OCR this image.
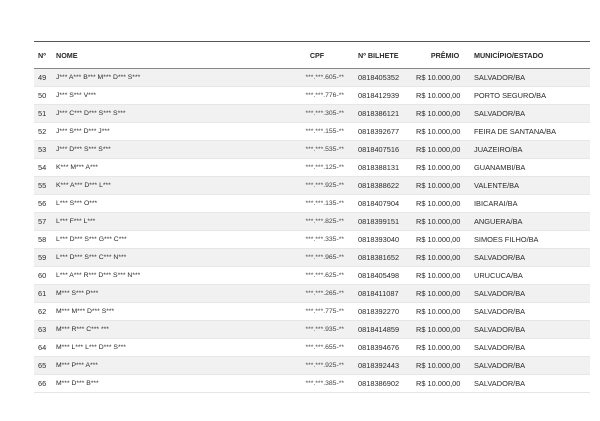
Nº	NOME	CPF	Nº BILHETE	PRÊMIO	MUNICÍPIO/ESTADO
49	J*** A*** B*** M*** D*** S***	***.***.605-**	0818405352	R$ 10.000,00	SALVADOR/BA
50	J*** S*** V***	***.***.776-**	0818412939	R$ 10.000,00	PORTO SEGURO/BA
51	J*** C*** D*** S*** S***	***.***.305-**	0818386121	R$ 10.000,00	SALVADOR/BA
52	J*** S*** D*** J***	***.***.155-**	0818392677	R$ 10.000,00	FEIRA DE SANTANA/BA
53	J*** D*** S*** S***	***.***.535-**	0818407516	R$ 10.000,00	JUAZEIRO/BA
54	K*** M*** A***	***.***.125-**	0818388131	R$ 10.000,00	GUANAMBI/BA
55	K*** A*** D*** L***	***.***.925-**	0818388622	R$ 10.000,00	VALENTE/BA
56	L*** S*** O***	***.***.135-**	0818407904	R$ 10.000,00	IBICARAI/BA
57	L*** F*** L***	***.***.825-**	0818399151	R$ 10.000,00	ANGUERA/BA
58	L*** D*** S*** G*** C***	***.***.335-**	0818393040	R$ 10.000,00	SIMOES FILHO/BA
59	L*** D*** S*** C*** N***	***.***.965-**	0818381652	R$ 10.000,00	SALVADOR/BA
60	L*** A*** R*** D*** S*** N***	***.***.625-**	0818405498	R$ 10.000,00	URUCUCA/BA
61	M*** S*** P***	***.***.265-**	0818411087	R$ 10.000,00	SALVADOR/BA
62	M*** M*** D*** S***	***.***.775-**	0818392270	R$ 10.000,00	SALVADOR/BA
63	M*** R*** C*** ***	***.***.935-**	0818414859	R$ 10.000,00	SALVADOR/BA
64	M*** L*** L*** D*** S***	***.***.655-**	0818394676	R$ 10.000,00	SALVADOR/BA
65	M*** P*** A***	***.***.925-**	0818392443	R$ 10.000,00	SALVADOR/BA
66	M*** D*** B***	***.***.385-**	0818386902	R$ 10.000,00	SALVADOR/BA
